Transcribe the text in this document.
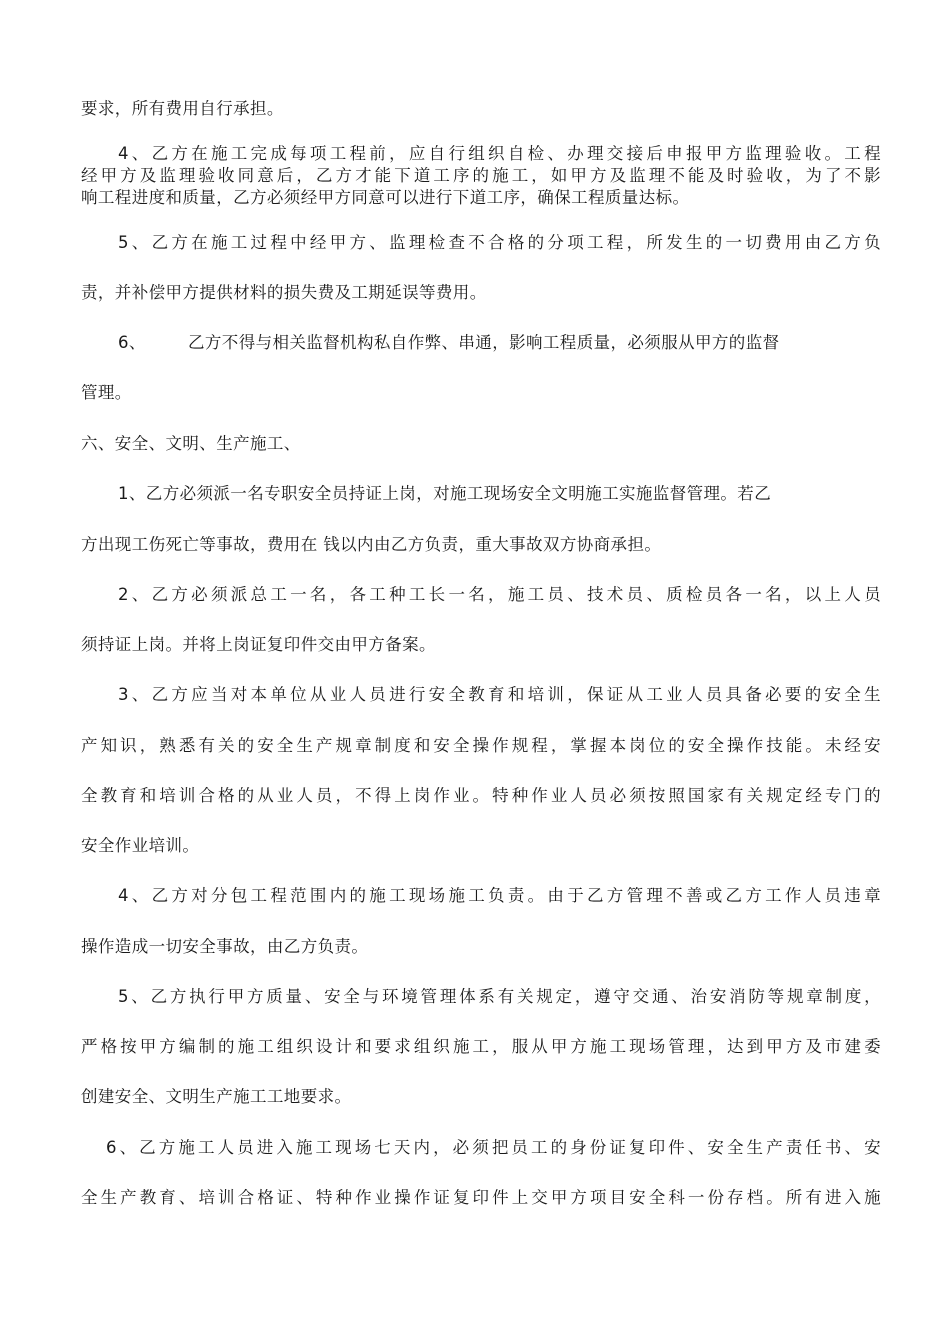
要求，所有费用自行承担。
4、乙方在施工完成每项工程前，应自行组织自检、办理交接后申报甲方监理验收。工程
经甲方及监理验收同意后，乙方才能下道工序的施工，如甲方及监理不能及时验收，为了不影
响工程进度和质量，乙方必须经甲方同意可以进行下道工序，确保工程质量达标。
5、乙方在施工过程中经甲方、监理检查不合格的分项工程，所发生的一切费用由乙方负
责，并补偿甲方提供材料的损失费及工期延误等费用。
6、	乙方不得与相关监督机构私自作弊、串通，影响工程质量，必须服从甲方的监督
管理。
六、安全、文明、生产施工、
1、乙方必须派一名专职安全员持证上岗，对施工现场安全文明施工实施监督管理。若乙
方出现工伤死亡等事故，费用在 钱以内由乙方负责，重大事故双方协商承担。
2、乙方必须派总工一名，各工种工长一名，施工员、技术员、质检员各一名，以上人员
须持证上岗。并将上岗证复印件交由甲方备案。
3、乙方应当对本单位从业人员进行安全教育和培训，保证从工业人员具备必要的安全生
产知识，熟悉有关的安全生产规章制度和安全操作规程，掌握本岗位的安全操作技能。未经安
全教育和培训合格的从业人员，不得上岗作业。特种作业人员必须按照国家有关规定经专门的
安全作业培训。
4、乙方对分包工程范围内的施工现场施工负责。由于乙方管理不善或乙方工作人员违章
操作造成一切安全事故，由乙方负责。
5、乙方执行甲方质量、安全与环境管理体系有关规定，遵守交通、治安消防等规章制度，
严格按甲方编制的施工组织设计和要求组织施工，服从甲方施工现场管理，达到甲方及市建委
创建安全、文明生产施工工地要求。
6、乙方施工人员进入施工现场七天内，必须把员工的身份证复印件、安全生产责任书、安
全生产教育、培训合格证、特种作业操作证复印件上交甲方项目安全科一份存档。所有进入施
